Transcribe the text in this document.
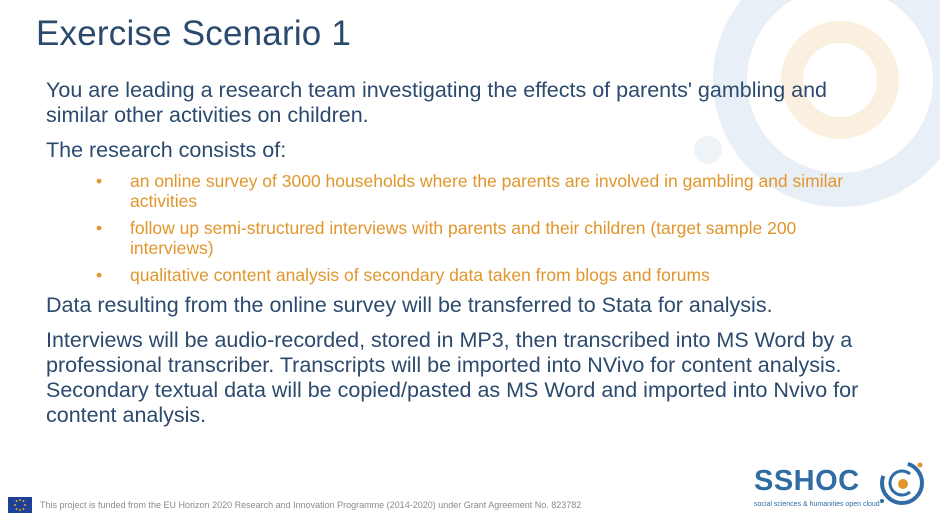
Exercise Scenario 1

You are leading a research team investigating the effects of parents' gambling and similar other activities on children.

The research consists of:

• an online survey of 3000 households where the parents are involved in gambling and similar activities
• follow up semi-structured interviews with parents and their children (target sample 200 interviews)
• qualitative content analysis of secondary data taken from blogs and forums

Data resulting from the online survey will be transferred to Stata for analysis.

Interviews will be audio-recorded, stored in MP3, then transcribed into MS Word by a professional transcriber. Transcripts will be imported into NVivo for content analysis. Secondary textual data will be copied/pasted as MS Word and imported into Nvivo for content analysis.

This project is funded from the EU Horizon 2020 Research and Innovation Programme (2014-2020) under Grant Agreement No. 823782
SSHOC
social sciences & humanities open cloud
